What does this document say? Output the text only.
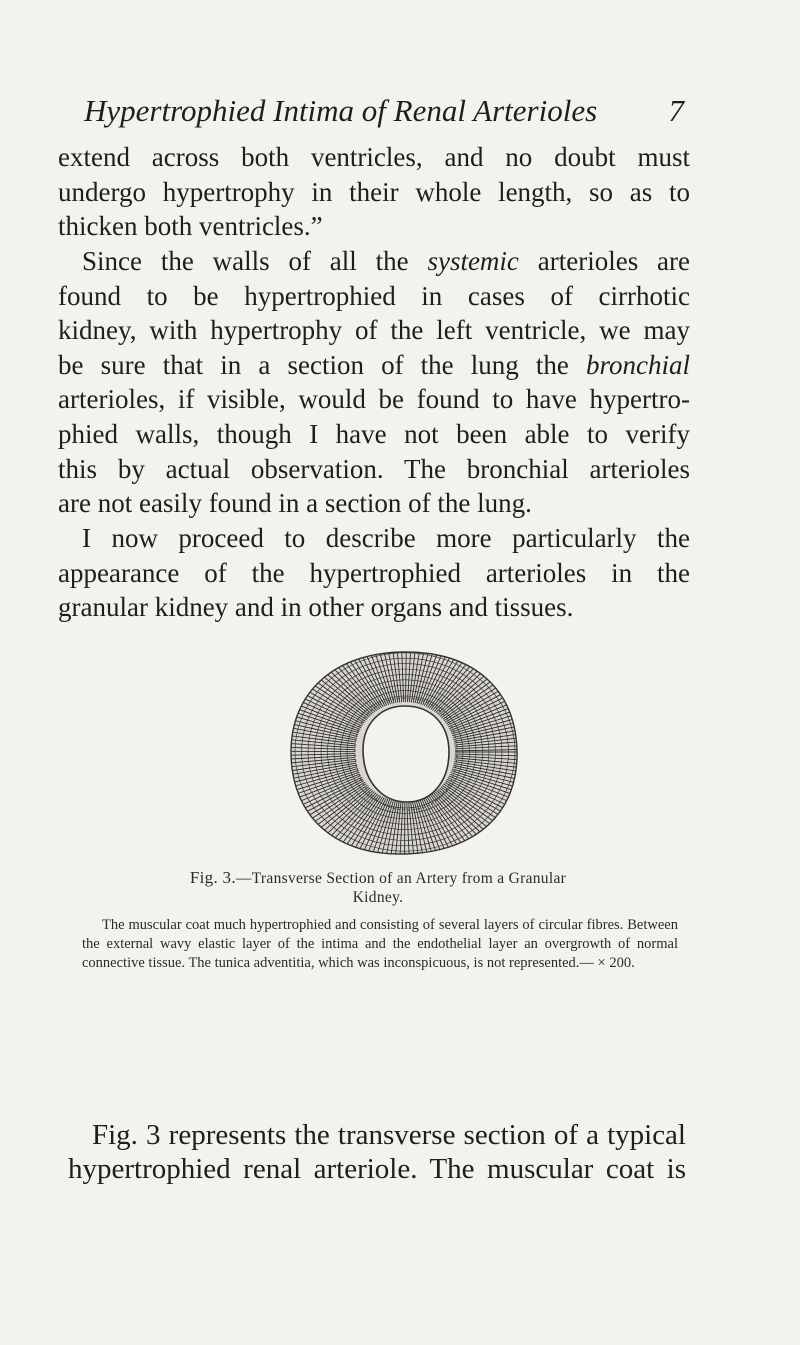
Hypertrophied Intima of Renal Arterioles 7

extend across both ventricles, and no doubt must

undergo hypertrophy in their whole length, so as to

thicken both ventricles.”

Since the walls of all the systemic arterioles are

found to be hypertrophied in cases of cirrhotic

kidney, with hypertrophy of the left ventricle, we may

be sure that in a section of the lung the bronchial

arterioles, if visible, would be found to have hypertro-

phied walls, though I have not been able to verify

this by actual observation. The bronchial arterioles

are not easily found in a section of the lung.

I now proceed to describe more particularly the

appearance of the hypertrophied arterioles in the

granular kidney and in other organs and tissues.

Fig. 3.—Transverse Section of an Artery from a Granular
Kidney.
The muscular coat much hypertrophied and consisting of several layers of circular fibres. Between the external wavy elastic layer of the intima and the endothelial layer an overgrowth of normal connective tissue. The tunica adventitia, which was inconspicuous, is not represented.— × 200.

Fig. 3 represents the transverse section of a typical

hypertrophied renal arteriole. The muscular coat is
